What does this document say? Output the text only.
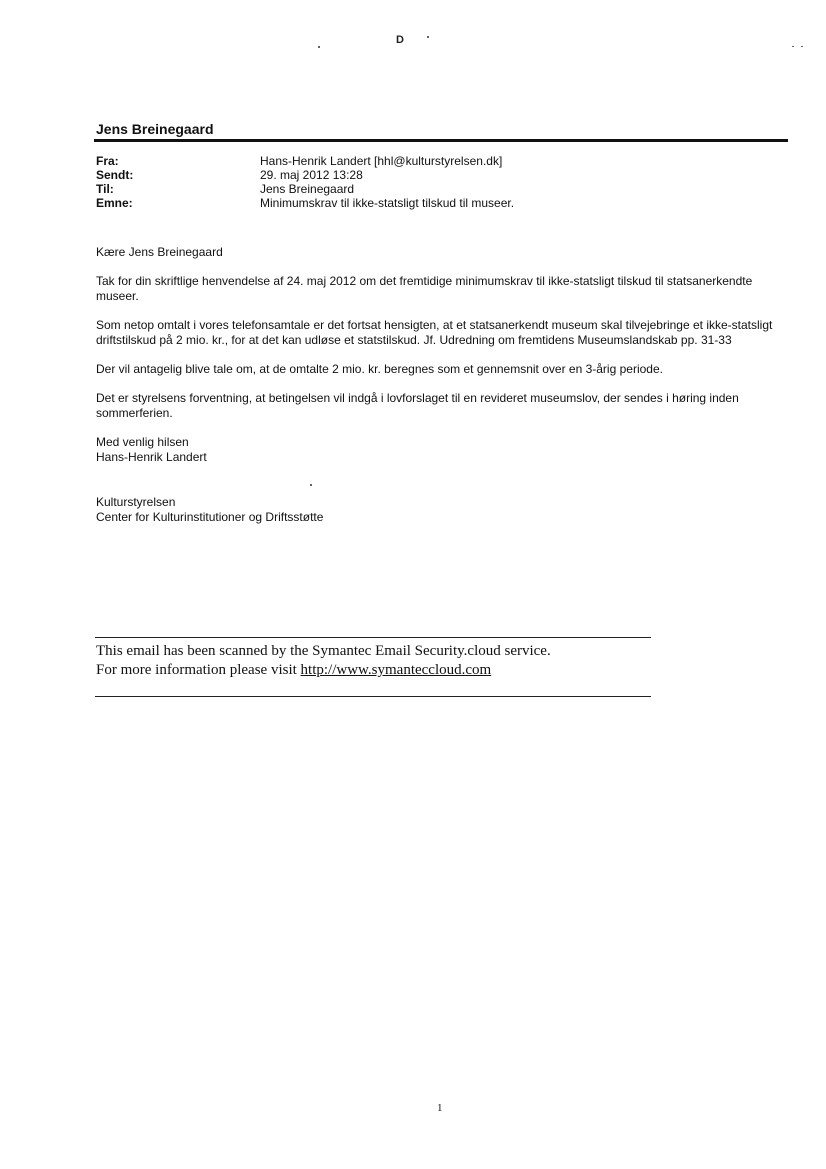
D
Jens Breinegaard
Fra:	Hans-Henrik Landert [hhl@kulturstyrelsen.dk]
Sendt:	29. maj 2012 13:28
Til:	Jens Breinegaard
Emne:	Minimumskrav til ikke-statsligt tilskud til museer.

Kære Jens Breinegaard

Tak for din skriftlige henvendelse af 24. maj 2012 om det fremtidige minimumskrav til ikke-statsligt tilskud til statsanerkendte museer.

Som netop omtalt i vores telefonsamtale er det fortsat hensigten, at et statsanerkendt museum skal tilvejebringe et ikke-statsligt driftstilskud på 2 mio. kr., for at det kan udløse et statstilskud. Jf. Udredning om fremtidens Museumslandskab pp. 31-33

Der vil antagelig blive tale om, at de omtalte 2 mio. kr. beregnes som et gennemsnit over en 3-årig periode.

Det er styrelsens forventning, at betingelsen vil indgå i lovforslaget til en revideret museumslov, der sendes i høring inden sommerferien.

Med venlig hilsen

Hans-Henrik Landert

Kulturstyrelsen

Center for Kulturinstitutioner og Driftsstøtte

This email has been scanned by the Symantec Email Security.cloud service.
For more information please visit http://www.symanteccloud.com
1
